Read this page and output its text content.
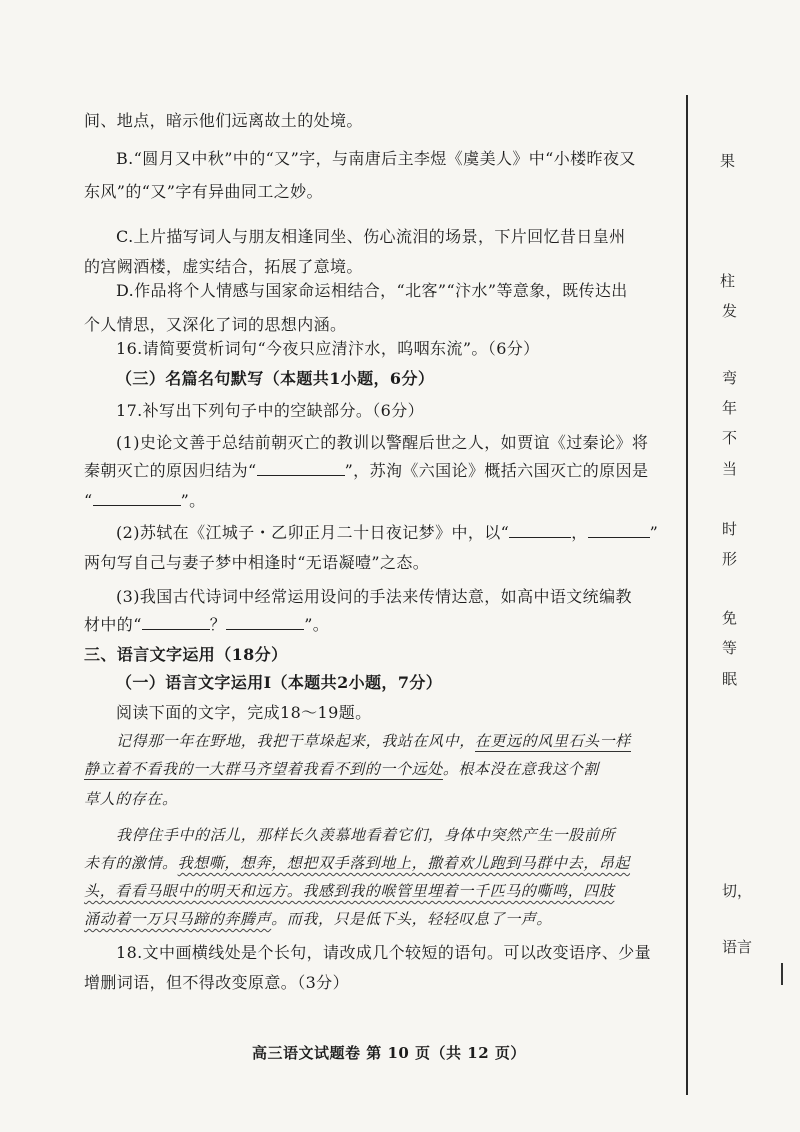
间、地点，暗示他们远离故土的处境。
B.“圆月又中秋”中的“又”字，与南唐后主李煜《虞美人》中“小楼昨夜又
东风”的“又”字有异曲同工之妙。
C.上片描写词人与朋友相逢同坐、伤心流泪的场景，下片回忆昔日皇州
的宫阙酒楼，虚实结合，拓展了意境。
D.作品将个人情感与国家命运相结合，“北客”“汴水”等意象，既传达出
个人情思，又深化了词的思想内涵。
16.请简要赏析词句“今夜只应清汴水，呜咽东流”。（6分）
（三）名篇名句默写（本题共1小题，6分）
17.补写出下列句子中的空缺部分。（6分）
(1)史论文善于总结前朝灭亡的教训以警醒后世之人，如贾谊《过秦论》将
秦朝灭亡的原因归结为“	”，苏洵《六国论》概括六国灭亡的原因是
“	”。
(2)苏轼在《江城子・乙卯正月二十日夜记梦》中，以“	，	”
两句写自己与妻子梦中相逢时“无语凝噎”之态。
(3)我国古代诗词中经常运用设问的手法来传情达意，如高中语文统编教
材中的“	？	”。
三、语言文字运用（18分）
（一）语言文字运用Ⅰ（本题共2小题，7分）
阅读下面的文字，完成18～19题。
记得那一年在野地，我把干草垛起来，我站在风中，在更远的风里石头一样
静立着不看我的一大群马齐望着我看不到的一个远处。根本没在意我这个割
草人的存在。
我停住手中的活儿，那样长久羡慕地看着它们，身体中突然产生一股前所
未有的激情。我想嘶，想奔，想把双手落到地上，撒着欢儿跑到马群中去，昂起
头，看看马眼中的明天和远方。我感到我的喉管里埋着一千匹马的嘶鸣，四肢
涌动着一万只马蹄的奔腾声。而我，只是低下头，轻轻叹息了一声。
18.文中画横线处是个长句，请改成几个较短的语句。可以改变语序、少量
增删词语，但不得改变原意。（3分）
高三语文试题卷 第 10 页（共 12 页）
果
柱
发
弯
年
不
当
时
形
免
等
眠
切，
语言
